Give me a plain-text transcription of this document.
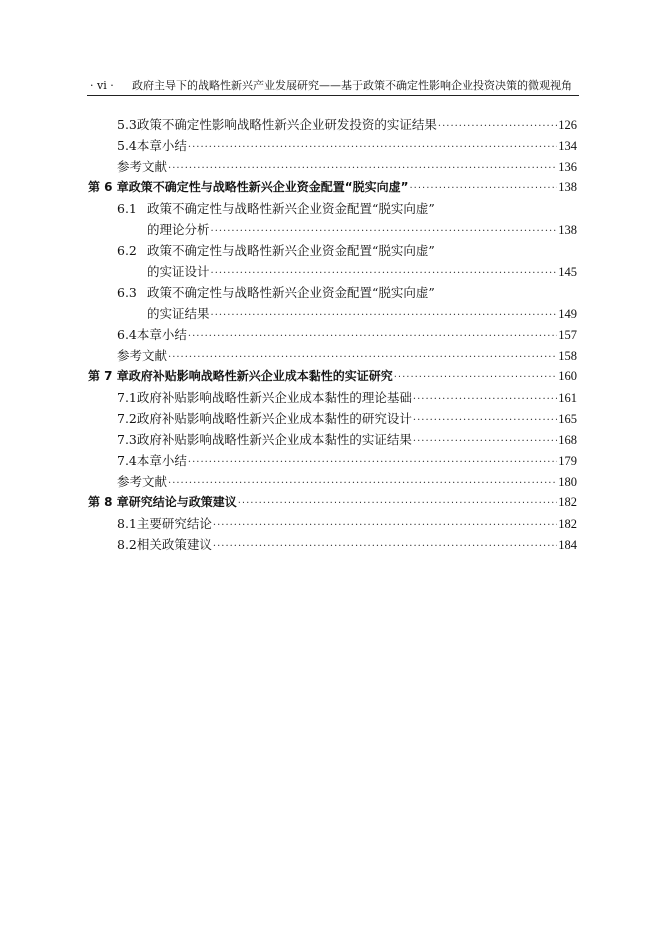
· vi · 政府主导下的战略性新兴产业发展研究——基于政策不确定性影响企业投资决策的微观视角
5.3 政策不确定性影响战略性新兴企业研发投资的实证结果 ·····	126
5.4 本章小结 ·····	134
参考文献 ·····	136
第 6 章 政策不确定性与战略性新兴企业资金配置“脱实向虚” ·····	138
6.1 政策不确定性与战略性新兴企业资金配置“脱实向虚”
的理论分析 ·····	138
6.2 政策不确定性与战略性新兴企业资金配置“脱实向虚”
的实证设计 ·····	145
6.3 政策不确定性与战略性新兴企业资金配置“脱实向虚”
的实证结果 ·····	149
6.4 本章小结 ·····	157
参考文献 ·····	158
第 7 章 政府补贴影响战略性新兴企业成本黏性的实证研究 ·····	160
7.1 政府补贴影响战略性新兴企业成本黏性的理论基础 ·····	161
7.2 政府补贴影响战略性新兴企业成本黏性的研究设计 ·····	165
7.3 政府补贴影响战略性新兴企业成本黏性的实证结果 ·····	168
7.4 本章小结 ·····	179
参考文献 ·····	180
第 8 章 研究结论与政策建议 ·····	182
8.1 主要研究结论 ·····	182
8.2 相关政策建议 ·····	184
